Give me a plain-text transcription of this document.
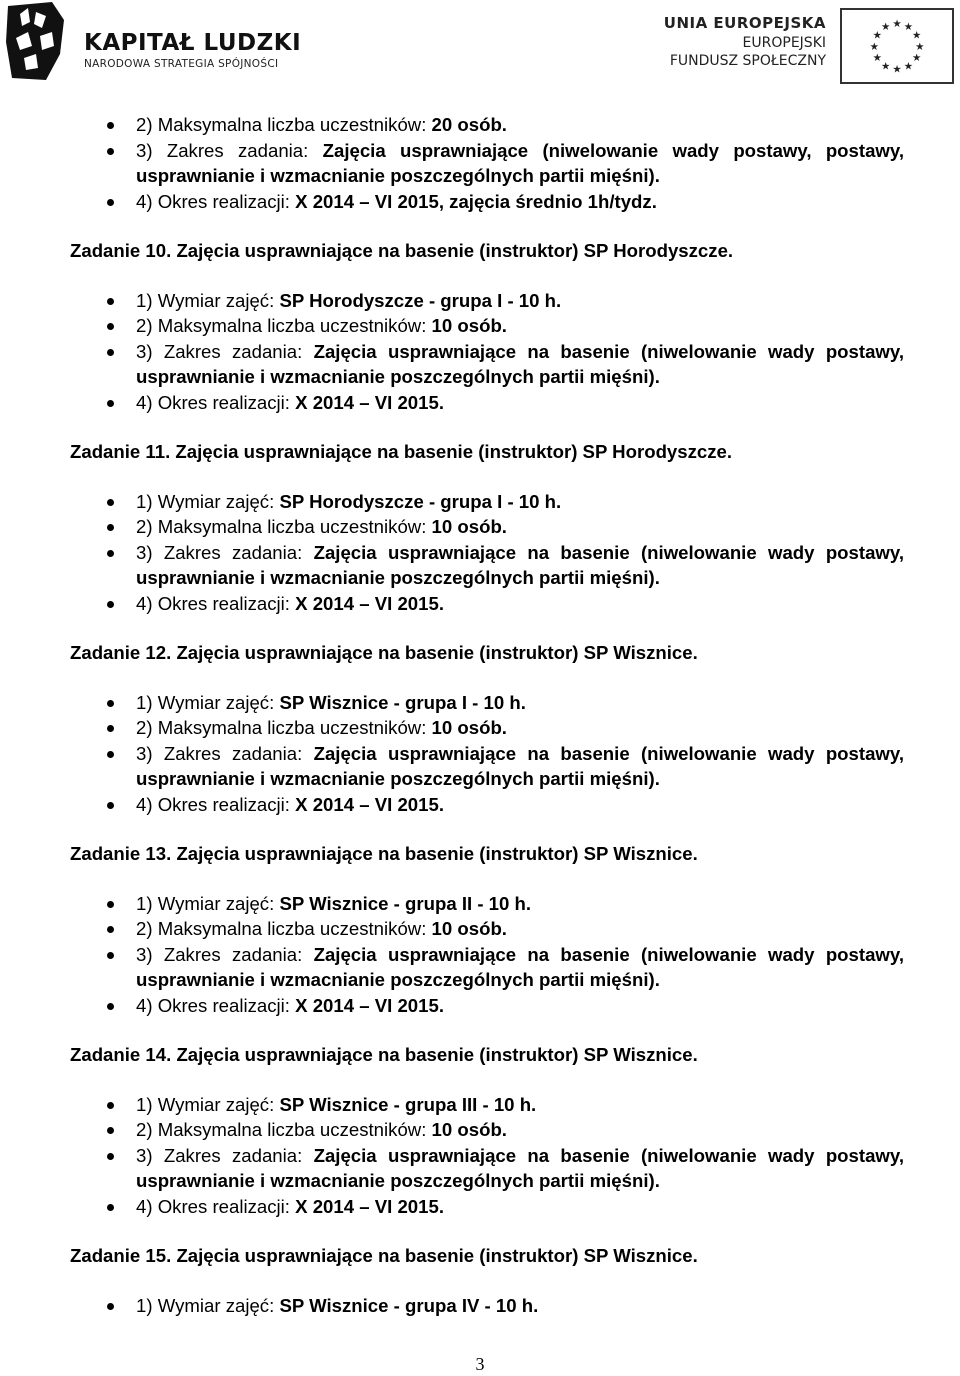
KAPITAŁ LUDZKI
NARODOWA STRATEGIA SPÓJNOŚCI
UNIA EUROPEJSKA
EUROPEJSKI
FUNDUSZ SPOŁECZNY
★ ★
★
★
★
★
★
★
★
★
★
★
2) Maksymalna liczba uczestników: 20 osób.
3) Zakres zadania: Zajęcia usprawniające (niwelowanie wady postawy, postawy, usprawnianie i wzmacnianie poszczególnych partii mięśni).
4) Okres realizacji: X 2014 – VI 2015, zajęcia średnio 1h/tydz.
Zadanie 10. Zajęcia usprawniające na basenie (instruktor) SP Horodyszcze.
1) Wymiar zajęć: SP Horodyszcze - grupa I - 10 h.
2) Maksymalna liczba uczestników: 10 osób.
3) Zakres zadania: Zajęcia usprawniające na basenie (niwelowanie wady postawy, usprawnianie i wzmacnianie poszczególnych partii mięśni).
4) Okres realizacji: X 2014 – VI 2015.
Zadanie 11. Zajęcia usprawniające na basenie (instruktor) SP Horodyszcze.
1) Wymiar zajęć: SP Horodyszcze - grupa I - 10 h.
2) Maksymalna liczba uczestników: 10 osób.
3) Zakres zadania: Zajęcia usprawniające na basenie (niwelowanie wady postawy, usprawnianie i wzmacnianie poszczególnych partii mięśni).
4) Okres realizacji: X 2014 – VI 2015.
Zadanie 12. Zajęcia usprawniające na basenie (instruktor) SP Wisznice.
1) Wymiar zajęć: SP Wisznice - grupa I - 10 h.
2) Maksymalna liczba uczestników: 10 osób.
3) Zakres zadania: Zajęcia usprawniające na basenie (niwelowanie wady postawy, usprawnianie i wzmacnianie poszczególnych partii mięśni).
4) Okres realizacji: X 2014 – VI 2015.
Zadanie 13. Zajęcia usprawniające na basenie (instruktor) SP Wisznice.
1) Wymiar zajęć: SP Wisznice - grupa II - 10 h.
2) Maksymalna liczba uczestników: 10 osób.
3) Zakres zadania: Zajęcia usprawniające na basenie (niwelowanie wady postawy, usprawnianie i wzmacnianie poszczególnych partii mięśni).
4) Okres realizacji: X 2014 – VI 2015.
Zadanie 14. Zajęcia usprawniające na basenie (instruktor) SP Wisznice.
1) Wymiar zajęć: SP Wisznice - grupa III - 10 h.
2) Maksymalna liczba uczestników: 10 osób.
3) Zakres zadania: Zajęcia usprawniające na basenie (niwelowanie wady postawy, usprawnianie i wzmacnianie poszczególnych partii mięśni).
4) Okres realizacji: X 2014 – VI 2015.
Zadanie 15. Zajęcia usprawniające na basenie (instruktor) SP Wisznice.
1) Wymiar zajęć: SP Wisznice - grupa IV - 10 h.
3
